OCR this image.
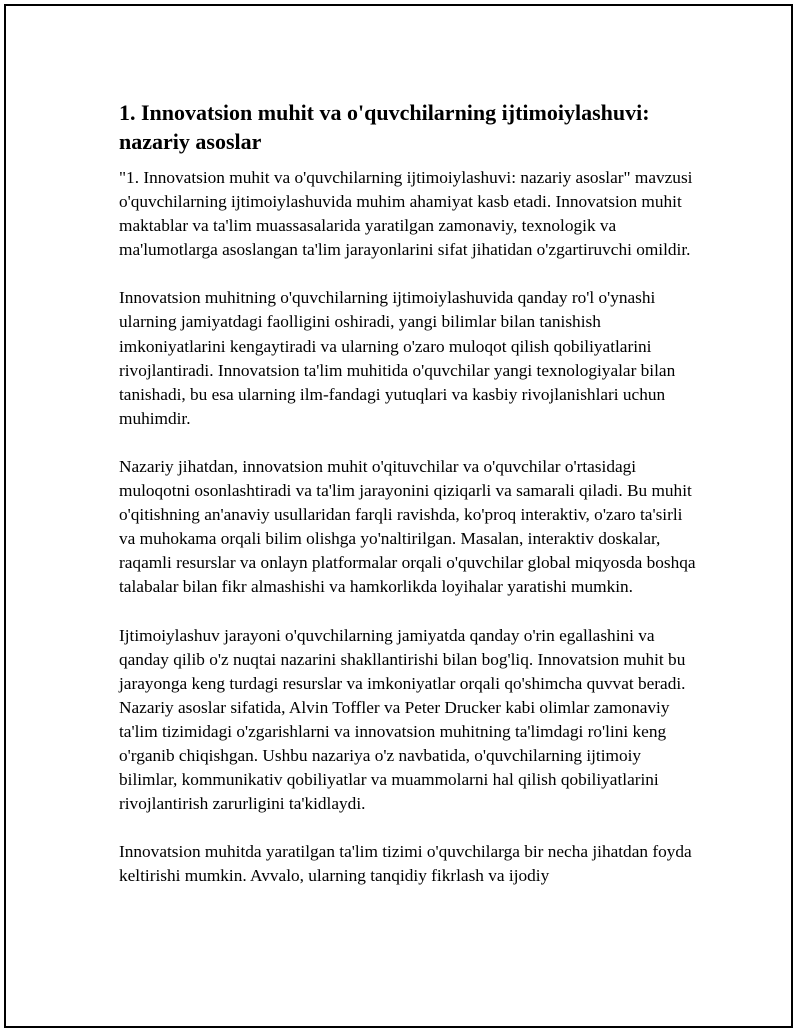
1. Innovatsion muhit va o'quvchilarning ijtimoiylashuvi: nazariy asoslar

"1. Innovatsion muhit va o'quvchilarning ijtimoiylashuvi: nazariy asoslar" mavzusi o'quvchilarning ijtimoiylashuvida muhim ahamiyat kasb etadi. Innovatsion muhit maktablar va ta'lim muassasalarida yaratilgan zamonaviy, texnologik va ma'lumotlarga asoslangan ta'lim jarayonlarini sifat jihatidan o'zgartiruvchi omildir.

Innovatsion muhitning o'quvchilarning ijtimoiylashuvida qanday ro'l o'ynashi ularning jamiyatdagi faolligini oshiradi, yangi bilimlar bilan tanishish imkoniyatlarini kengaytiradi va ularning o'zaro muloqot qilish qobiliyatlarini rivojlantiradi. Innovatsion ta'lim muhitida o'quvchilar yangi texnologiyalar bilan tanishadi, bu esa ularning ilm-fandagi yutuqlari va kasbiy rivojlanishlari uchun muhimdir.

Nazariy jihatdan, innovatsion muhit o'qituvchilar va o'quvchilar o'rtasidagi muloqotni osonlashtiradi va ta'lim jarayonini qiziqarli va samarali qiladi. Bu muhit o'qitishning an'anaviy usullaridan farqli ravishda, ko'proq interaktiv, o'zaro ta'sirli va muhokama orqali bilim olishga yo'naltirilgan. Masalan, interaktiv doskalar, raqamli resurslar va onlayn platformalar orqali o'quvchilar global miqyosda boshqa talabalar bilan fikr almashishi va hamkorlikda loyihalar yaratishi mumkin.

Ijtimoiylashuv jarayoni o'quvchilarning jamiyatda qanday o'rin egallashini va qanday qilib o'z nuqtai nazarini shakllantirishi bilan bog'liq. Innovatsion muhit bu jarayonga keng turdagi resurslar va imkoniyatlar orqali qo'shimcha quvvat beradi. Nazariy asoslar sifatida, Alvin Toffler va Peter Drucker kabi olimlar zamonaviy ta'lim tizimidagi o'zgarishlarni va innovatsion muhitning ta'limdagi ro'lini keng o'rganib chiqishgan. Ushbu nazariya o'z navbatida, o'quvchilarning ijtimoiy bilimlar, kommunikativ qobiliyatlar va muammolarni hal qilish qobiliyatlarini rivojlantirish zarurligini ta'kidlaydi.

Innovatsion muhitda yaratilgan ta'lim tizimi o'quvchilarga bir necha jihatdan foyda keltirishi mumkin. Avvalo, ularning tanqidiy fikrlash va ijodiy
